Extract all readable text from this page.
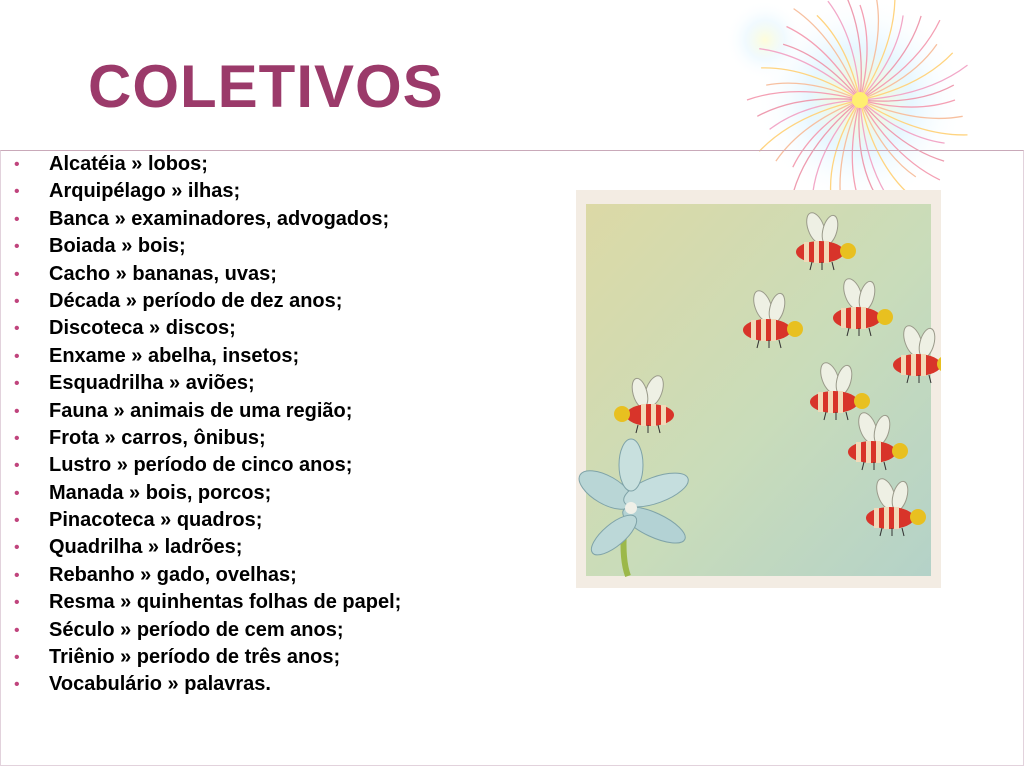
COLETIVOS
• Alcatéia » lobos;
• Arquipélago » ilhas;
• Banca » examinadores, advogados;
• Boiada » bois;
• Cacho » bananas, uvas;
• Década » período de dez anos;
• Discoteca » discos;
• Enxame » abelha, insetos;
• Esquadrilha » aviões;
• Fauna » animais de uma região;
• Frota » carros, ônibus;
• Lustro » período de cinco anos;
• Manada » bois, porcos;
• Pinacoteca » quadros;
• Quadrilha » ladrões;
• Rebanho » gado, ovelhas;
• Resma » quinhentas folhas de papel;
• Século » período de cem anos;
• Triênio » período de três anos;
• Vocabulário » palavras.
